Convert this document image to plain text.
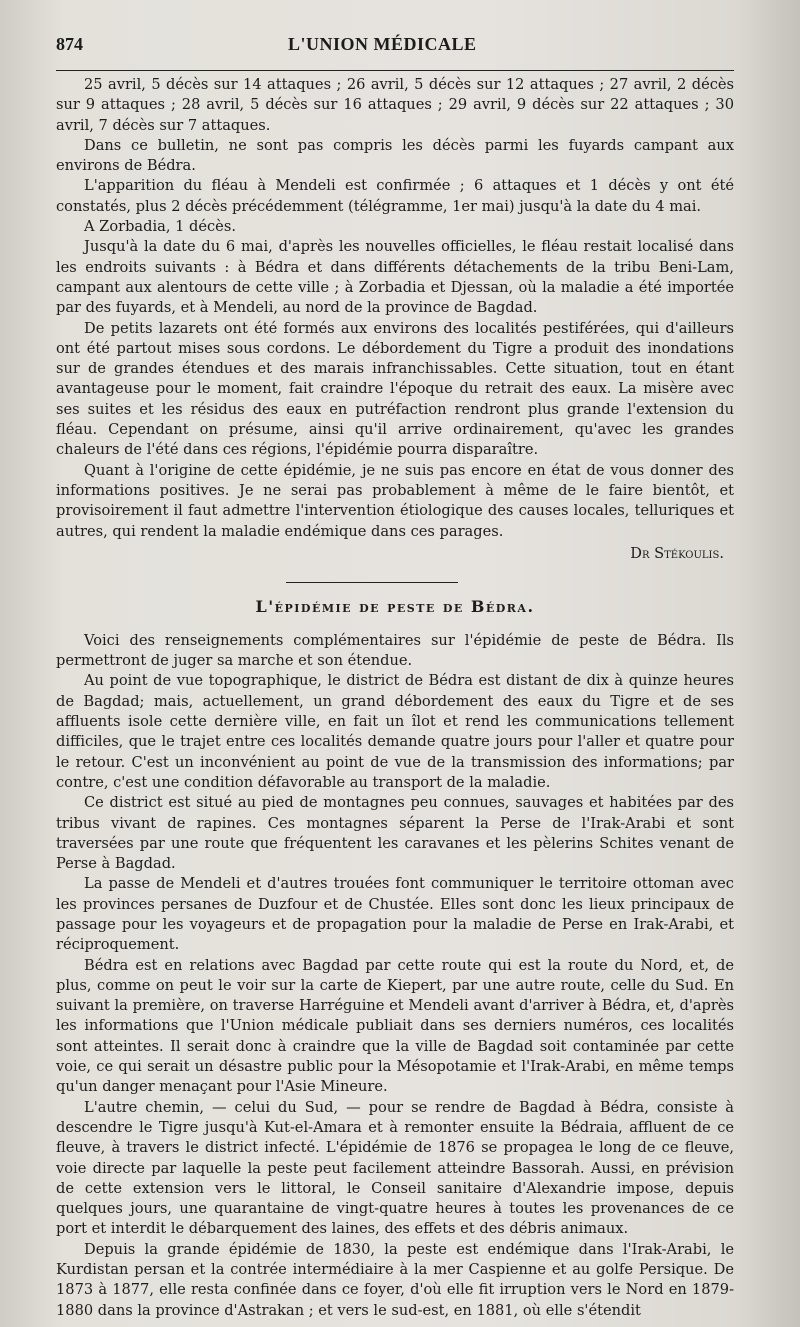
874	L'UNION MÉDICALE

25 avril, 5 décès sur 14 attaques ; 26 avril, 5 décès sur 12 attaques ; 27 avril, 2 décès sur 9 attaques ; 28 avril, 5 décès sur 16 attaques ; 29 avril, 9 décès sur 22 attaques ; 30 avril, 7 décès sur 7 attaques.

Dans ce bulletin, ne sont pas compris les décès parmi les fuyards campant aux environs de Bédra.

L'apparition du fléau à Mendeli est confirmée ; 6 attaques et 1 décès y ont été constatés, plus 2 décès précédemment (télégramme, 1er mai) jusqu'à la date du 4 mai.

A Zorbadia, 1 décès.

Jusqu'à la date du 6 mai, d'après les nouvelles officielles, le fléau restait localisé dans les endroits suivants : à Bédra et dans différents détachements de la tribu Beni-Lam, campant aux alentours de cette ville ; à Zorbadia et Djessan, où la maladie a été importée par des fuyards, et à Mendeli, au nord de la province de Bagdad.

De petits lazarets ont été formés aux environs des localités pestiférées, qui d'ailleurs ont été partout mises sous cordons. Le débordement du Tigre a produit des inondations sur de grandes étendues et des marais infranchissables. Cette situation, tout en étant avantageuse pour le moment, fait craindre l'époque du retrait des eaux. La misère avec ses suites et les résidus des eaux en putréfaction rendront plus grande l'extension du fléau. Cependant on présume, ainsi qu'il arrive ordinairement, qu'avec les grandes chaleurs de l'été dans ces régions, l'épidémie pourra disparaître.

Quant à l'origine de cette épidémie, je ne suis pas encore en état de vous donner des informations positives. Je ne serai pas probablement à même de le faire bientôt, et provisoirement il faut admettre l'intervention étiologique des causes locales, telluriques et autres, qui rendent la maladie endémique dans ces parages.

Dr Stékoulis.
L'épidémie de peste de Bédra.

Voici des renseignements complémentaires sur l'épidémie de peste de Bédra. Ils permettront de juger sa marche et son étendue.

Au point de vue topographique, le district de Bédra est distant de dix à quinze heures de Bagdad; mais, actuellement, un grand débordement des eaux du Tigre et de ses affluents isole cette dernière ville, en fait un îlot et rend les communications tellement difficiles, que le trajet entre ces localités demande quatre jours pour l'aller et quatre pour le retour. C'est un inconvénient au point de vue de la transmission des informations; par contre, c'est une condition défavorable au transport de la maladie.

Ce district est situé au pied de montagnes peu connues, sauvages et habitées par des tribus vivant de rapines. Ces montagnes séparent la Perse de l'Irak-Arabi et sont traversées par une route que fréquentent les caravanes et les pèlerins Schites venant de Perse à Bagdad.

La passe de Mendeli et d'autres trouées font communiquer le territoire ottoman avec les provinces persanes de Duzfour et de Chustée. Elles sont donc les lieux principaux de passage pour les voyageurs et de propagation pour la maladie de Perse en Irak-Arabi, et réciproquement.

Bédra est en relations avec Bagdad par cette route qui est la route du Nord, et, de plus, comme on peut le voir sur la carte de Kiepert, par une autre route, celle du Sud. En suivant la première, on traverse Harréguine et Mendeli avant d'arriver à Bédra, et, d'après les informations que l'Union médicale publiait dans ses derniers numéros, ces localités sont atteintes. Il serait donc à craindre que la ville de Bagdad soit contaminée par cette voie, ce qui serait un désastre public pour la Mésopotamie et l'Irak-Arabi, en même temps qu'un danger menaçant pour l'Asie Mineure.

L'autre chemin, — celui du Sud, — pour se rendre de Bagdad à Bédra, consiste à descendre le Tigre jusqu'à Kut-el-Amara et à remonter ensuite la Bédraia, affluent de ce fleuve, à travers le district infecté. L'épidémie de 1876 se propagea le long de ce fleuve, voie directe par laquelle la peste peut facilement atteindre Bassorah. Aussi, en prévision de cette extension vers le littoral, le Conseil sanitaire d'Alexandrie impose, depuis quelques jours, une quarantaine de vingt-quatre heures à toutes les provenances de ce port et interdit le débarquement des laines, des effets et des débris animaux.

Depuis la grande épidémie de 1830, la peste est endémique dans l'Irak-Arabi, le Kurdistan persan et la contrée intermédiaire à la mer Caspienne et au golfe Persique. De 1873 à 1877, elle resta confinée dans ce foyer, d'où elle fit irruption vers le Nord en 1879-1880 dans la province d'Astrakan ; et vers le sud-est, en 1881, où elle s'étendit
